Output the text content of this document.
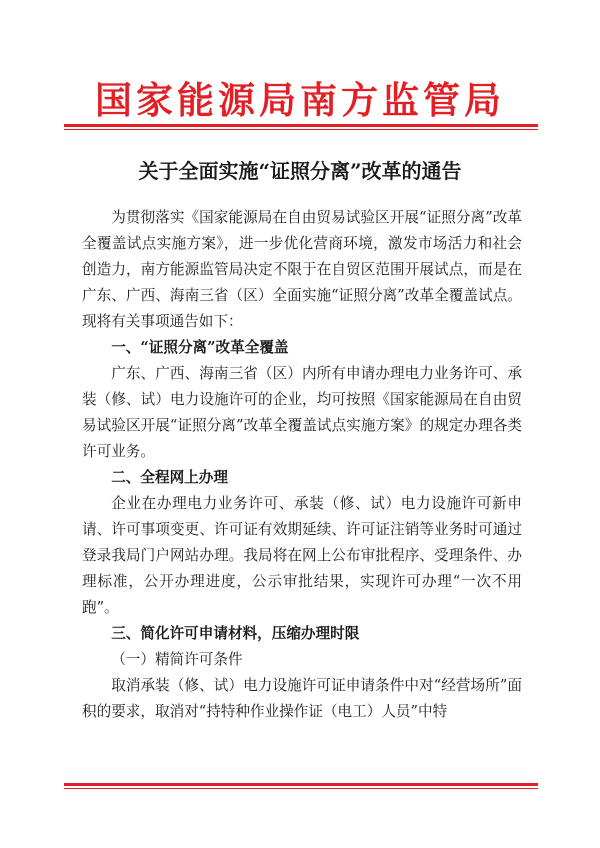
国家能源局南方监管局
关于全面实施“证照分离”改革的通告

为贯彻落实《国家能源局在自由贸易试验区开展“证照分离”改革全覆盖试点实施方案》，进一步优化营商环境，激发市场活力和社会创造力，南方能源监管局决定不限于在自贸区范围开展试点，而是在广东、广西、海南三省（区）全面实施“证照分离”改革全覆盖试点。现将有关事项通告如下：

一、“证照分离”改革全覆盖

广东、广西、海南三省（区）内所有申请办理电力业务许可、承装（修、试）电力设施许可的企业，均可按照《国家能源局在自由贸易试验区开展“证照分离”改革全覆盖试点实施方案》的规定办理各类许可业务。

二、全程网上办理

企业在办理电力业务许可、承装（修、试）电力设施许可新申请、许可事项变更、许可证有效期延续、许可证注销等业务时可通过登录我局门户网站办理。我局将在网上公布审批程序、受理条件、办理标准，公开办理进度，公示审批结果，实现许可办理“一次不用跑”。

三、简化许可申请材料，压缩办理时限

（一）精简许可条件

取消承装（修、试）电力设施许可证申请条件中对“经营场所”面积的要求，取消对“持特种作业操作证（电工）人员”中特
